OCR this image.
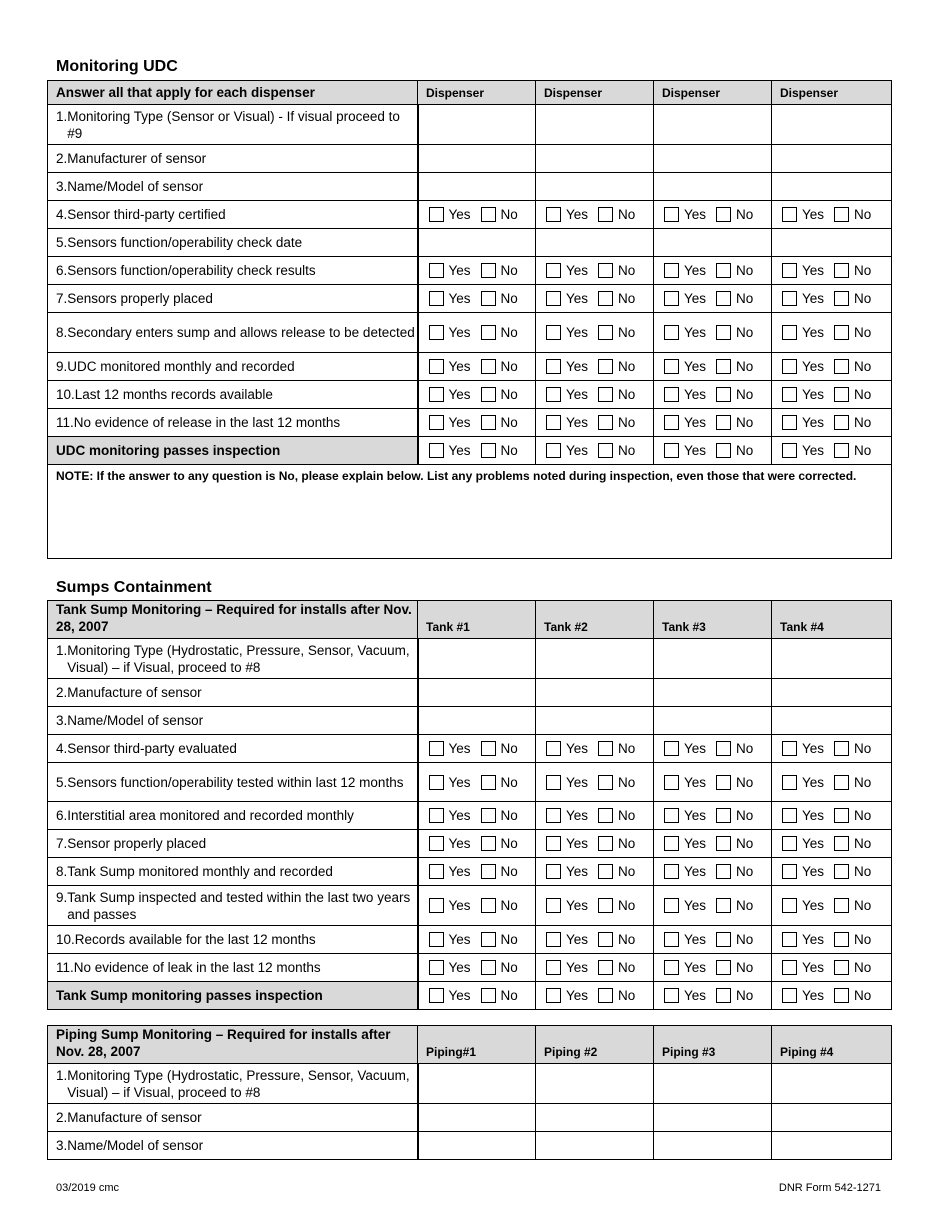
Monitoring UDC
Answer all that apply for each dispenser	Dispenser	Dispenser	Dispenser	Dispenser

1. Monitoring Type (Sensor or Visual) - If visual proceed to #9				

2. Manufacturer of sensor				

3. Name/Model of sensor				

4. Sensor third-party certified	Yes No	Yes No	Yes No	Yes No

5. Sensors function/operability check date				

6. Sensors function/operability check results	Yes No	Yes No	Yes No	Yes No

7. Sensors properly placed	Yes No	Yes No	Yes No	Yes No

8. Secondary enters sump and allows release to be detected	Yes No	Yes No	Yes No	Yes No

9. UDC monitored monthly and recorded	Yes No	Yes No	Yes No	Yes No

10. Last 12 months records available	Yes No	Yes No	Yes No	Yes No

11. No evidence of release in the last 12 months	Yes No	Yes No	Yes No	Yes No

UDC monitoring passes inspection	Yes No	Yes No	Yes No	Yes No

NOTE: If the answer to any question is No, please explain below. List any problems noted during inspection, even those that were corrected.				
Sumps Containment
Tank Sump Monitoring – Required for installs after Nov. 28, 2007	Tank #1	Tank #2	Tank #3	Tank #4

1. Monitoring Type (Hydrostatic, Pressure, Sensor, Vacuum, Visual) – if Visual, proceed to #8				

2. Manufacture of sensor				

3. Name/Model of sensor				

4. Sensor third-party evaluated	Yes No	Yes No	Yes No	Yes No

5. Sensors function/operability tested within last 12 months	Yes No	Yes No	Yes No	Yes No

6. Interstitial area monitored and recorded monthly	Yes No	Yes No	Yes No	Yes No

7. Sensor properly placed	Yes No	Yes No	Yes No	Yes No

8. Tank Sump monitored monthly and recorded	Yes No	Yes No	Yes No	Yes No

9. Tank Sump inspected and tested within the last two years and passes	Yes No	Yes No	Yes No	Yes No

10. Records available for the last 12 months	Yes No	Yes No	Yes No	Yes No

11. No evidence of leak in the last 12 months	Yes No	Yes No	Yes No	Yes No

Tank Sump monitoring passes inspection	Yes No	Yes No	Yes No	Yes No
Piping Sump Monitoring – Required for installs after Nov. 28, 2007	Piping#1	Piping #2	Piping #3	Piping #4

1. Monitoring Type (Hydrostatic, Pressure, Sensor, Vacuum, Visual) – if Visual, proceed to #8				

2. Manufacture of sensor				

3. Name/Model of sensor				

03/2019 cmc	DNR Form 542-1271
